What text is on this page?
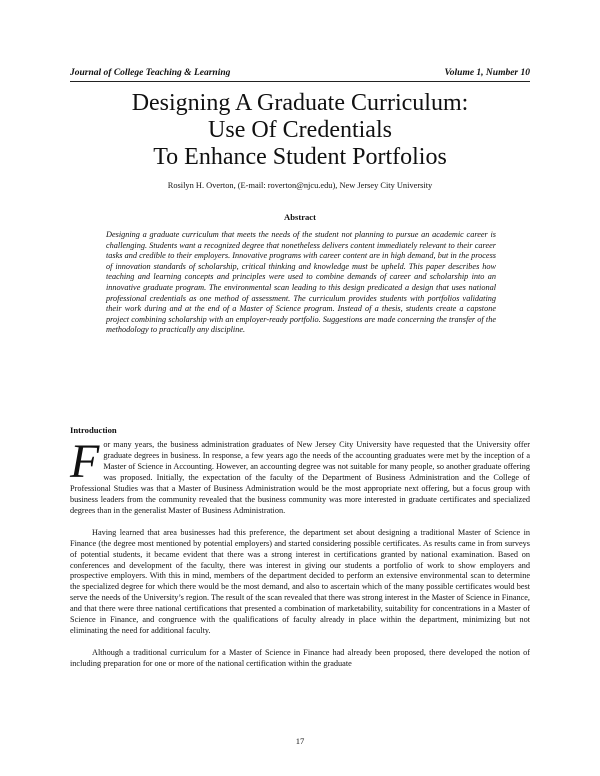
Journal of College Teaching & Learning	Volume 1, Number 10
Designing A Graduate Curriculum:
Use Of Credentials
To Enhance Student Portfolios
Rosilyn H. Overton, (E-mail: roverton@njcu.edu), New Jersey City University
Abstract
Designing a graduate curriculum that meets the needs of the student not planning to pursue an academic career is challenging. Students want a recognized degree that nonetheless delivers content immediately relevant to their career tasks and credible to their employers. Innovative programs with career content are in high demand, but in the process of innovation standards of scholarship, critical thinking and knowledge must be upheld. This paper describes how teaching and learning concepts and principles were used to combine demands of career and scholarship into an innovative graduate program. The environmental scan leading to this design predicated a design that uses national professional credentials as one method of assessment. The curriculum provides students with portfolios validating their work during and at the end of a Master of Science program. Instead of a thesis, students create a capstone project combining scholarship with an employer-ready portfolio. Suggestions are made concerning the transfer of the methodology to practically any discipline.
Introduction

For many years, the business administration graduates of New Jersey City University have requested that the University offer graduate degrees in business. In response, a few years ago the needs of the accounting graduates were met by the inception of a Master of Science in Accounting. However, an accounting degree was not suitable for many people, so another graduate offering was proposed. Initially, the expectation of the faculty of the Department of Business Administration and the College of Professional Studies was that a Master of Business Administration would be the most appropriate next offering, but a focus group with business leaders from the community revealed that the business community was more interested in graduate certificates and specialized degrees than in the generalist Master of Business Administration.

Having learned that area businesses had this preference, the department set about designing a traditional Master of Science in Finance (the degree most mentioned by potential employers) and started considering possible certificates. As results came in from surveys of potential students, it became evident that there was a strong interest in certifications granted by national examination. Based on conferences and development of the faculty, there was interest in giving our students a portfolio of work to show employers and prospective employers. With this in mind, members of the department decided to perform an extensive environmental scan to determine the specialized degree for which there would be the most demand, and also to ascertain which of the many possible certificates would best serve the needs of the University’s region. The result of the scan revealed that there was strong interest in the Master of Science in Finance, and that there were three national certifications that presented a combination of marketability, suitability for concentrations in a Master of Science in Finance, and congruence with the qualifications of faculty already in place within the department, minimizing but not eliminating the need for additional faculty.

Although a traditional curriculum for a Master of Science in Finance had already been proposed, there developed the notion of including preparation for one or more of the national certification within the graduate

17
